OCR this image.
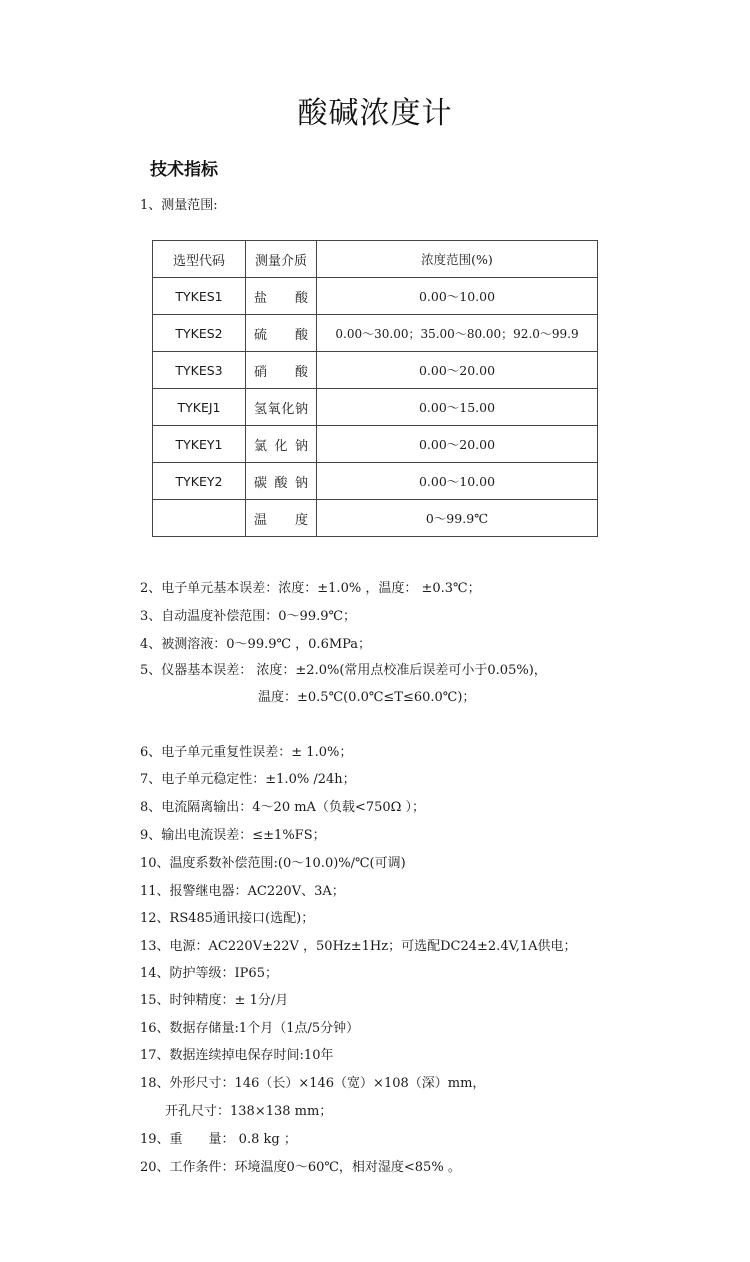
酸碱浓度计
技术指标
1、测量范围:
选型代码	测量介质	浓度范围(%)
TYKES1	盐酸	0.00～10.00
TYKES2	硫酸	0.00～30.00；35.00～80.00；92.0～99.9
TYKES3	硝酸	0.00～20.00
TYKEJ1	氢氧化钠	0.00～15.00
TYKEY1	氯化钠	0.00～20.00
TYKEY2	碳酸钠	0.00～10.00
	温度	0～99.9℃
2、电子单元基本误差：浓度：±1.0% ，温度： ±0.3℃；
3、自动温度补偿范围：0～99.9℃；
4、被测溶液：0～99.9℃ ，0.6MPa；
5、仪器基本误差： 浓度：±2.0%(常用点校准后误差可小于0.05%)，
温度：±0.5℃(0.0℃≤T≤60.0℃)；
6、电子单元重复性误差：± 1.0%；
7、电子单元稳定性：±1.0% /24h；
8、电流隔离输出：4～20 mA（负载<750Ω ）；
9、输出电流误差：≤±1%FS；
10、温度系数补偿范围:(0～10.0)%/℃(可调)
11、报警继电器：AC220V、3A；
12、RS485通讯接口(选配)；
13、电源：AC220V±22V ，50Hz±1Hz；可选配DC24±2.4V,1A供电；
14、防护等级：IP65；
15、时钟精度：± 1分/月
16、数据存储量:1个月（1点/5分钟）
17、数据连续掉电保存时间:10年
18、外形尺寸：146（长）×146（宽）×108（深）mm，
开孔尺寸：138×138 mm；
19、重　　量： 0.8 kg ；
20、工作条件：环境温度0～60℃，相对湿度<85% 。
